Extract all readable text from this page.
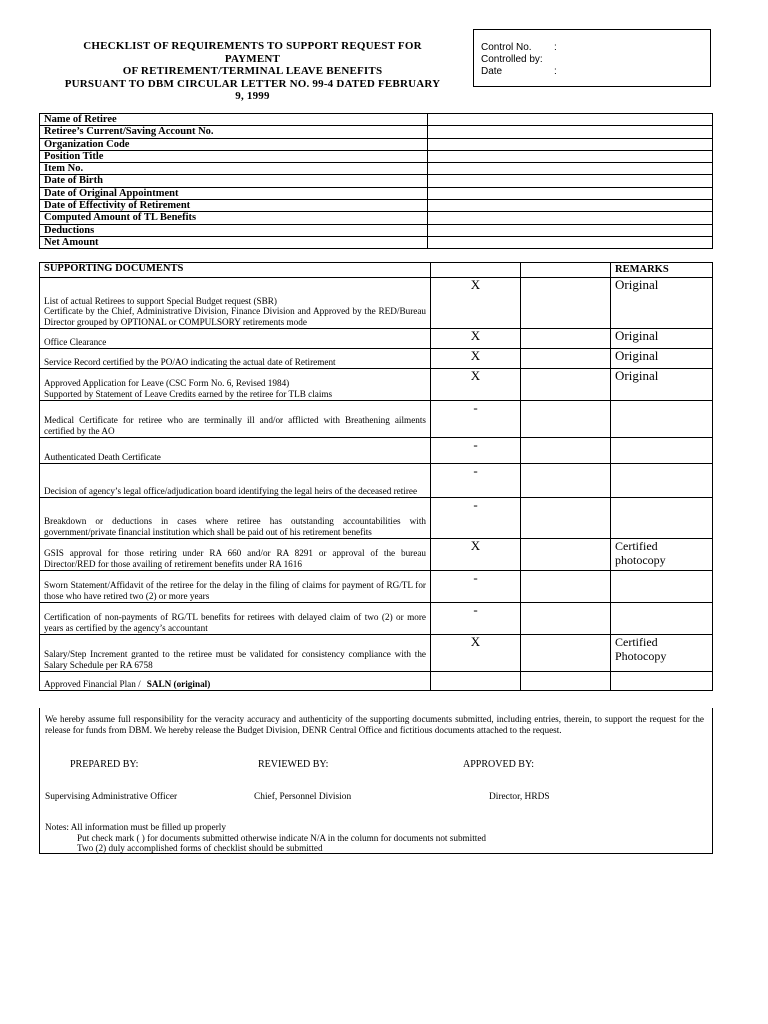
CHECKLIST OF REQUIREMENTS TO SUPPORT REQUEST FOR
PAYMENT
OF RETIREMENT/TERMINAL LEAVE BENEFITS
PURSUANT TO DBM CIRCULAR LETTER NO. 99-4 DATED FEBRUARY
9, 1999
Control No. :
Controlled by:
Date	:
Name of Retiree	
Retiree’s Current/Saving Account No.	
Organization Code	
Position Title	
Item No.	
Date of Birth	
Date of Original Appointment	
Date of Effectivity of Retirement	
Computed Amount of TL Benefits	
Deductions	
Net Amount	
SUPPORTING DOCUMENTS			REMARKS

List of actual Retirees to support Special Budget request (SBR)
Certificate by the Chief, Administrative Division, Finance Division and Approved by the RED/Bureau Director grouped by OPTIONAL or COMPULSORY retirements mode	X		Original

Office Clearance	X		Original

Service Record certified by the PO/AO indicating the actual date of Retirement	X		Original

Approved Application for Leave (CSC Form No. 6, Revised 1984)
Supported by Statement of Leave Credits earned by the retiree for TLB claims	X		Original

Medical Certificate for retiree who are terminally ill and/or afflicted with Breathening ailments certified by the AO	-		

Authenticated Death Certificate	-		

Decision of agency’s legal office/adjudication board identifying the legal heirs of the deceased retiree	-		

Breakdown or deductions in cases where retiree has outstanding accountabilities with government/private financial institution which shall be paid out of his retirement benefits	-		

GSIS approval for those retiring under RA 660 and/or RA 8291 or approval of the bureau Director/RED for those availing of retirement benefits under RA 1616	X		Certified photocopy

Sworn Statement/Affidavit of the retiree for the delay in the filing of claims for payment of RG/TL for those who have retired two (2) or more years	-		

Certification of non-payments of RG/TL benefits for retirees with delayed claim of two (2) or more years as certified by the agency’s accountant	-		

Salary/Step Increment granted to the retiree must be validated for consistency compliance with the Salary Schedule per RA 6758	X		Certified Photocopy

Approved Financial Plan / SALN (original)			

We hereby assume full responsibility for the veracity accuracy and authenticity of the supporting documents submitted, including entries, therein, to support the request for the release for funds from DBM. We hereby release the Budget Division, DENR Central Office and fictitious documents attached to the request.
PREPARED BY:	REVIEWED BY:	APPROVED BY:
Supervising Administrative Officer	Chief, Personnel Division	Director, HRDS
Notes: All information must be filled up properly
Put check mark ( ) for documents submitted otherwise indicate N/A in the column for documents not submitted
Two (2) duly accomplished forms of checklist should be submitted
